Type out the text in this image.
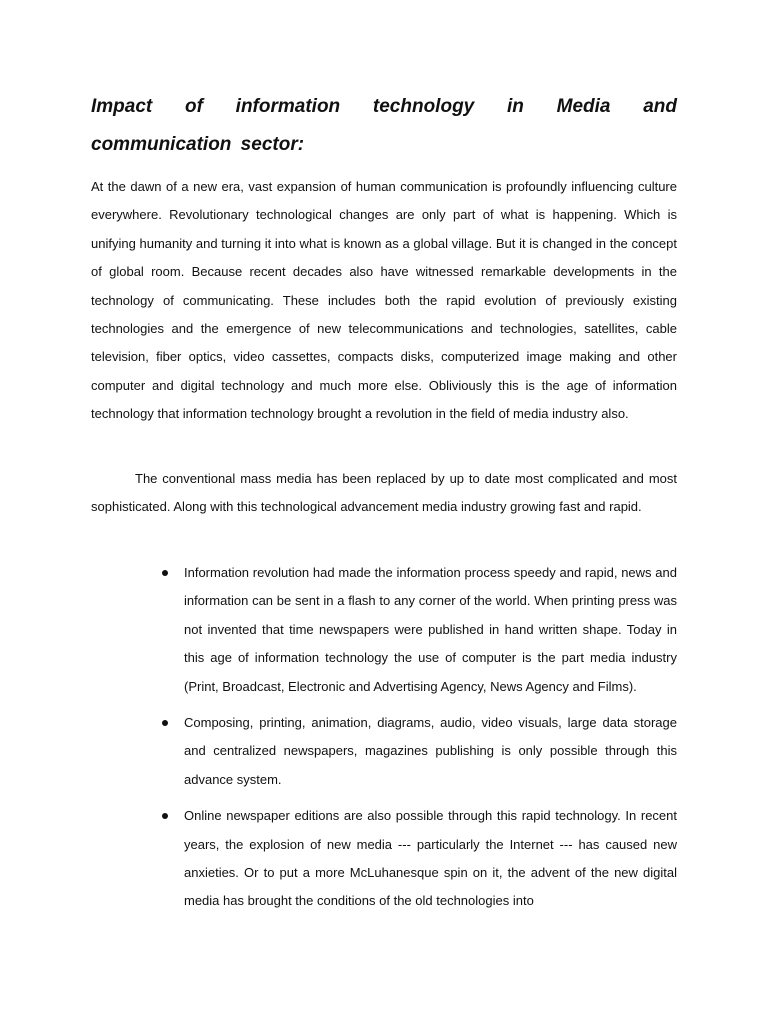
Impact of information technology in Media and communication sector:

At the dawn of a new era, vast expansion of human communication is profoundly influencing culture everywhere. Revolutionary technological changes are only part of what is happening. Which is unifying humanity and turning it into what is known as a global village. But it is changed in the concept of global room. Because recent decades also have witnessed remarkable developments in the technology of communicating. These includes both the rapid evolution of previously existing technologies and the emergence of new telecommunications and technologies, satellites, cable television, fiber optics, video cassettes, compacts disks, computerized image making and other computer and digital technology and much more else. Obliviously this is the age of information technology that information technology brought a revolution in the field of media industry also.

The conventional mass media has been replaced by up to date most complicated and most sophisticated. Along with this technological advancement media industry growing fast and rapid.

Information revolution had made the information process speedy and rapid, news and information can be sent in a flash to any corner of the world. When printing press was not invented that time newspapers were published in hand written shape. Today in this age of information technology the use of computer is the part media industry (Print, Broadcast, Electronic and Advertising Agency, News Agency and Films).
Composing, printing, animation, diagrams, audio, video visuals, large data storage and centralized newspapers, magazines publishing is only possible through this advance system.
Online newspaper editions are also possible through this rapid technology. In recent years, the explosion of new media --- particularly the Internet --- has caused new anxieties. Or to put a more McLuhanesque spin on it, the advent of the new digital media has brought the conditions of the old technologies into
